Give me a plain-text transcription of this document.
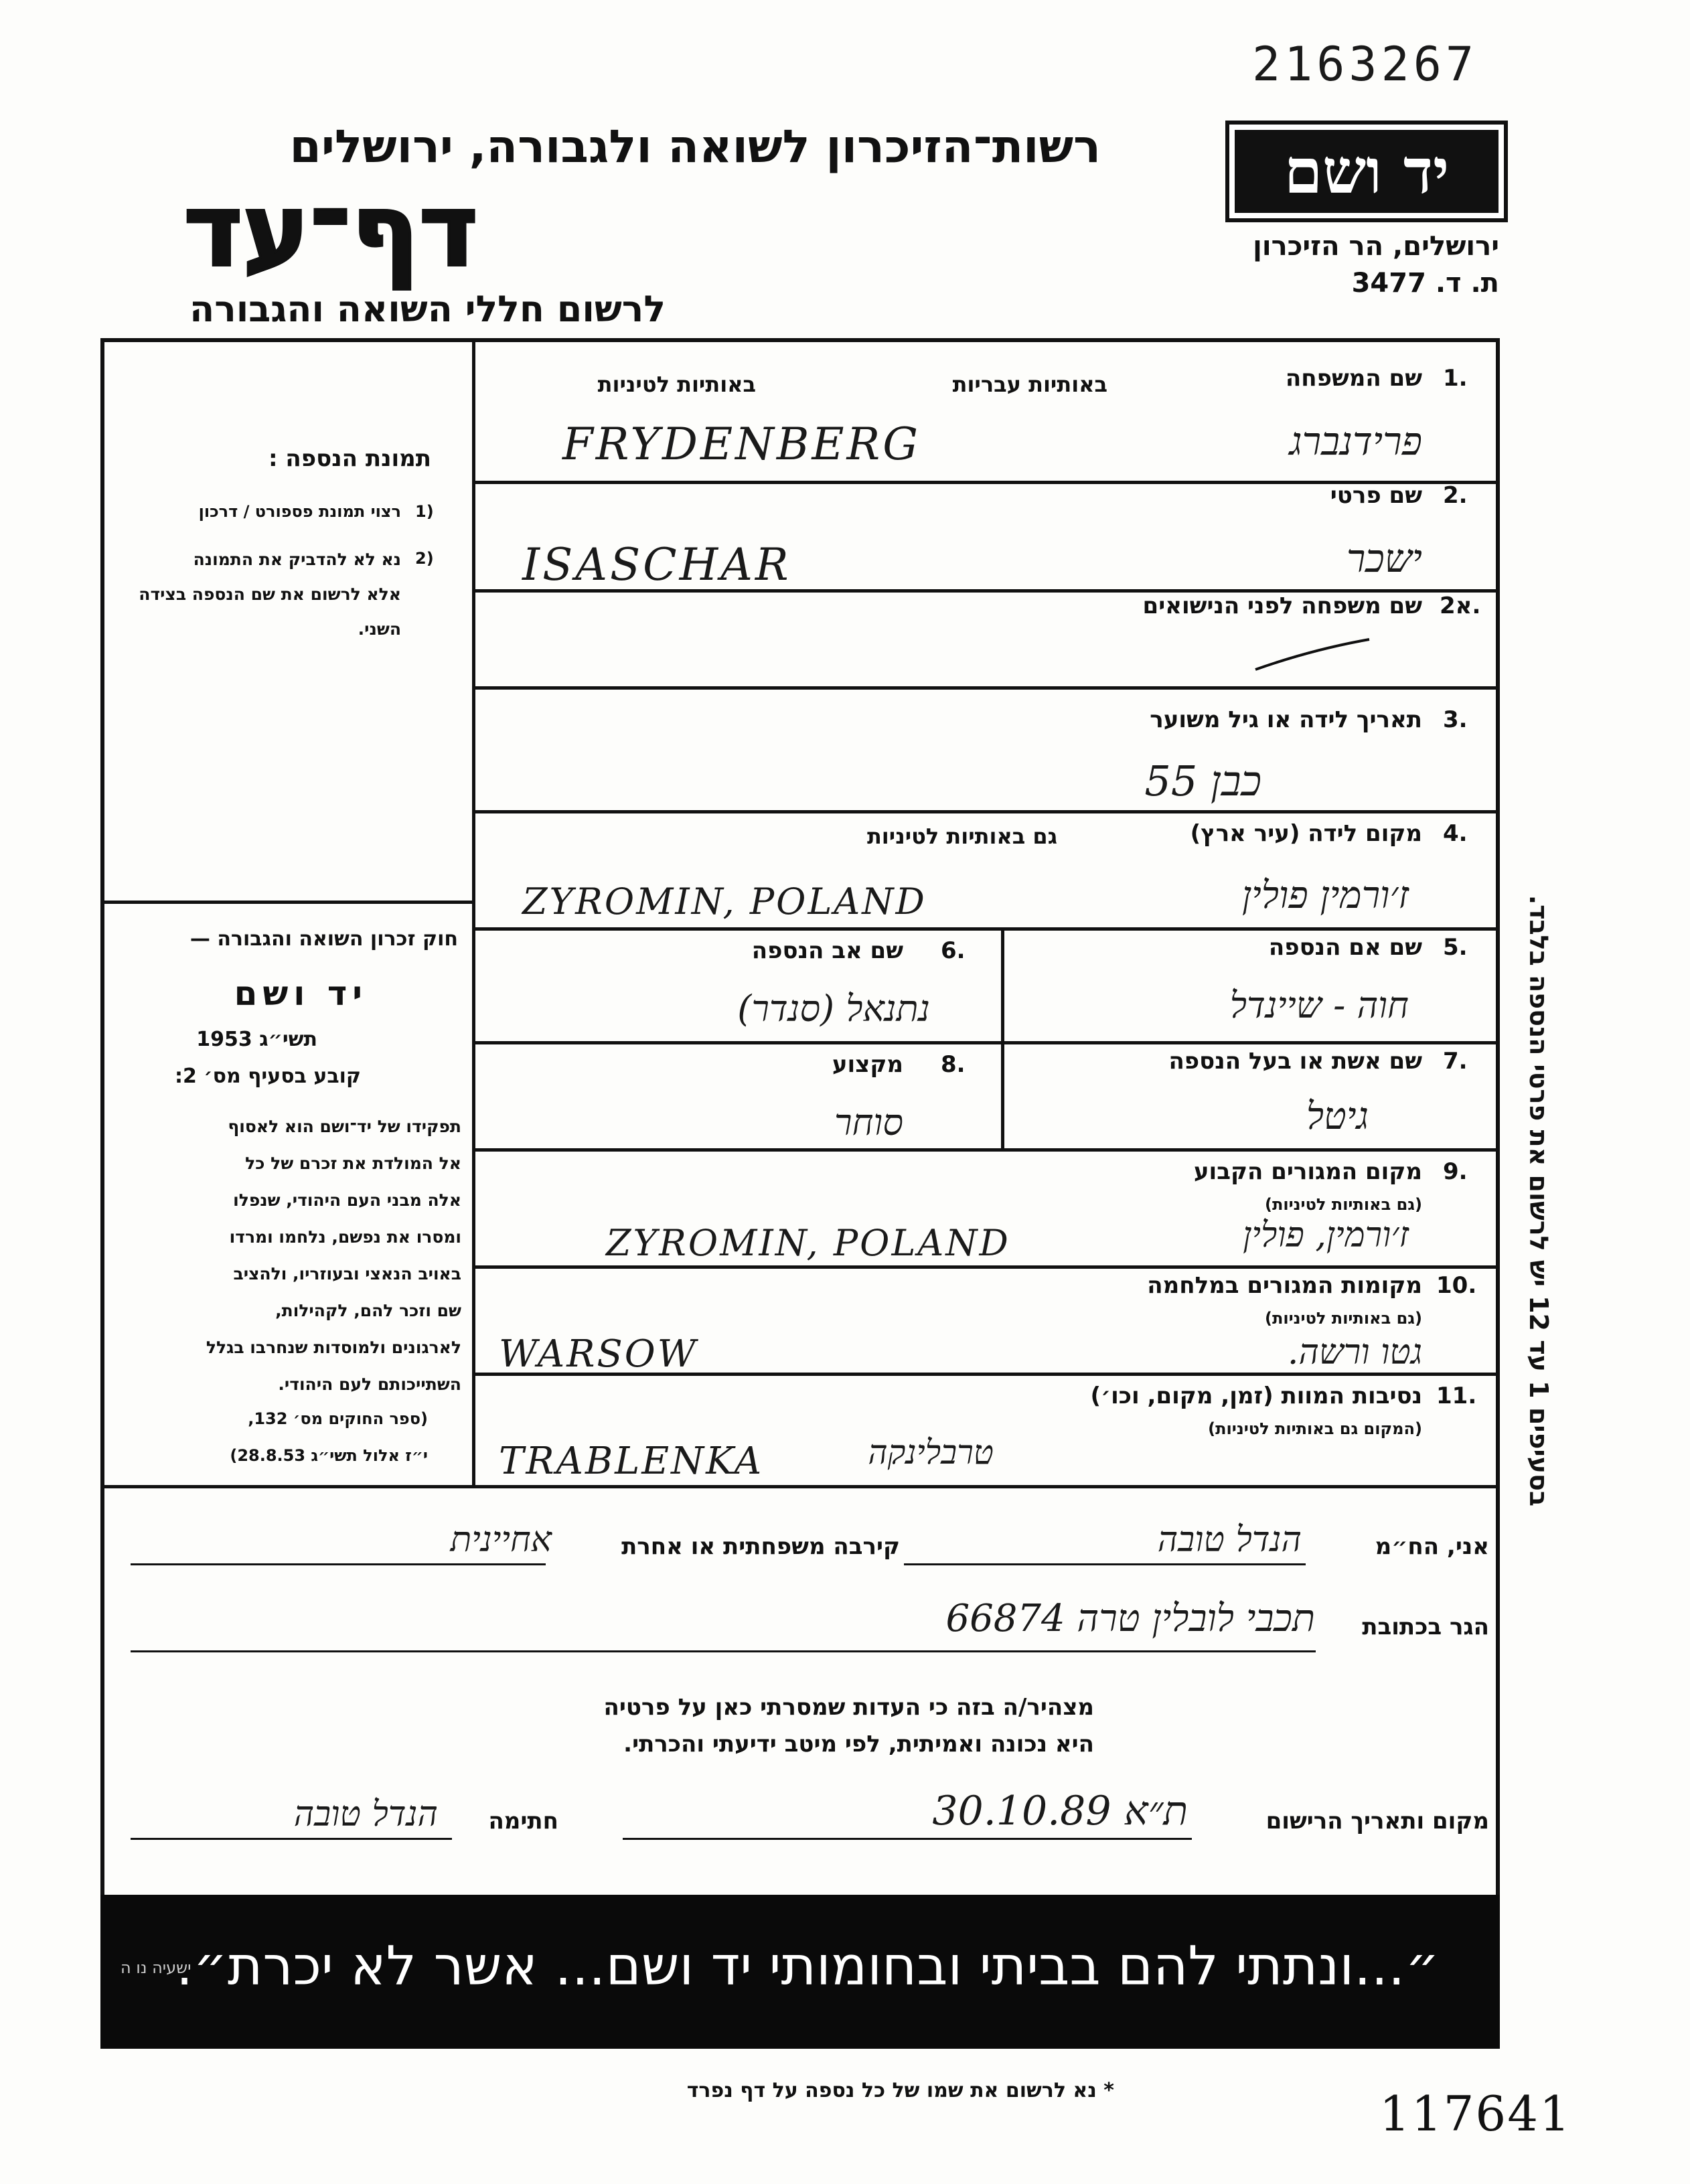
2163267
יד ושם
ירושלים, הר הזיכרון
ת. ד. 3477
רשות־הזיכרון לשואה ולגבורה, ירושלים
דף־עד
לרשום חללי השואה והגבורה
״...ונתתי להם בביתי ובחומותי יד ושם... אשר לא יכרת״.
ישעיה נו ה
תמונת הנספה :
1)
רצוי תמונת פספורט / דרכון
2)
נא לא להדביק את התמונה
אלא לרשום את שם הנספה בצידה
השני.
חוק זכרון השואה והגבורה —
יד ושם
תשי״ג 1953
קובע בסעיף מס׳ 2:
תפקידו של יד־ושם הוא לאסוף
אל המולדת את זכרם של כל
אלה מבני העם היהודי, שנפלו
ומסרו את נפשם, נלחמו ומרדו
באויב הנאצי ובעוזריו, ולהציב
שם וזכר להם, לקהילות,
לארגונים ולמוסדות שנחרבו בגלל
השתייכותם לעם היהודי.
(ספר החוקים מס׳ 132,
י״ז אלול תשי״ג 28.8.53)
1.
שם המשפחה
באותיות עבריות
באותיות לטיניות
FRYDENBERG	פרידנברג
2.
שם פרטי
ISASCHAR	ישכר
2א.
שם משפחה לפני הנישואים
3.
תאריך לידה או גיל משוער
כבן 55
4.
מקום לידה (עיר ארץ)
גם באותיות לטיניות
ZYROMIN, POLAND	ז׳ורמין פולין
5.
שם אם הנספה
חוה - שיינדל
6.
שם אב הנספה
נתנאל (סנדר)
7.
שם אשת או בעל הנספה
גיטל
8.
מקצוע
סוחר
9.
מקום המגורים הקבוע
(גם באותיות לטיניות)
ZYROMIN, POLAND	ז׳ורמין, פולין
10.
מקומות המגורים במלחמה
(גם באותיות לטיניות)
WARSOW	גטו ורשה.
11.
נסיבות המוות (זמן, מקום, וכו׳)
(המקום גם באותיות לטיניות)
TRABLENKA	טרבלינקה
בסעיפים 1 עד 12 יש לרשום את פרטי הנספה בלבד.
אני, הח״מ
הנדל טובה
קירבה משפחתית או אחרת
אחיינית
הגר בכתובת
תכבי לובלין טרה 66874
מצהיר/ה בזה כי העדות שמסרתי כאן על פרטיה
היא נכונה ואמיתית, לפי מיטב ידיעתי והכרתי.
מקום ותאריך הרישום
ת״א 30.10.89
חתימה
הנדל טובה
* נא לרשום את שמו של כל נספה על דף נפרד	117641
